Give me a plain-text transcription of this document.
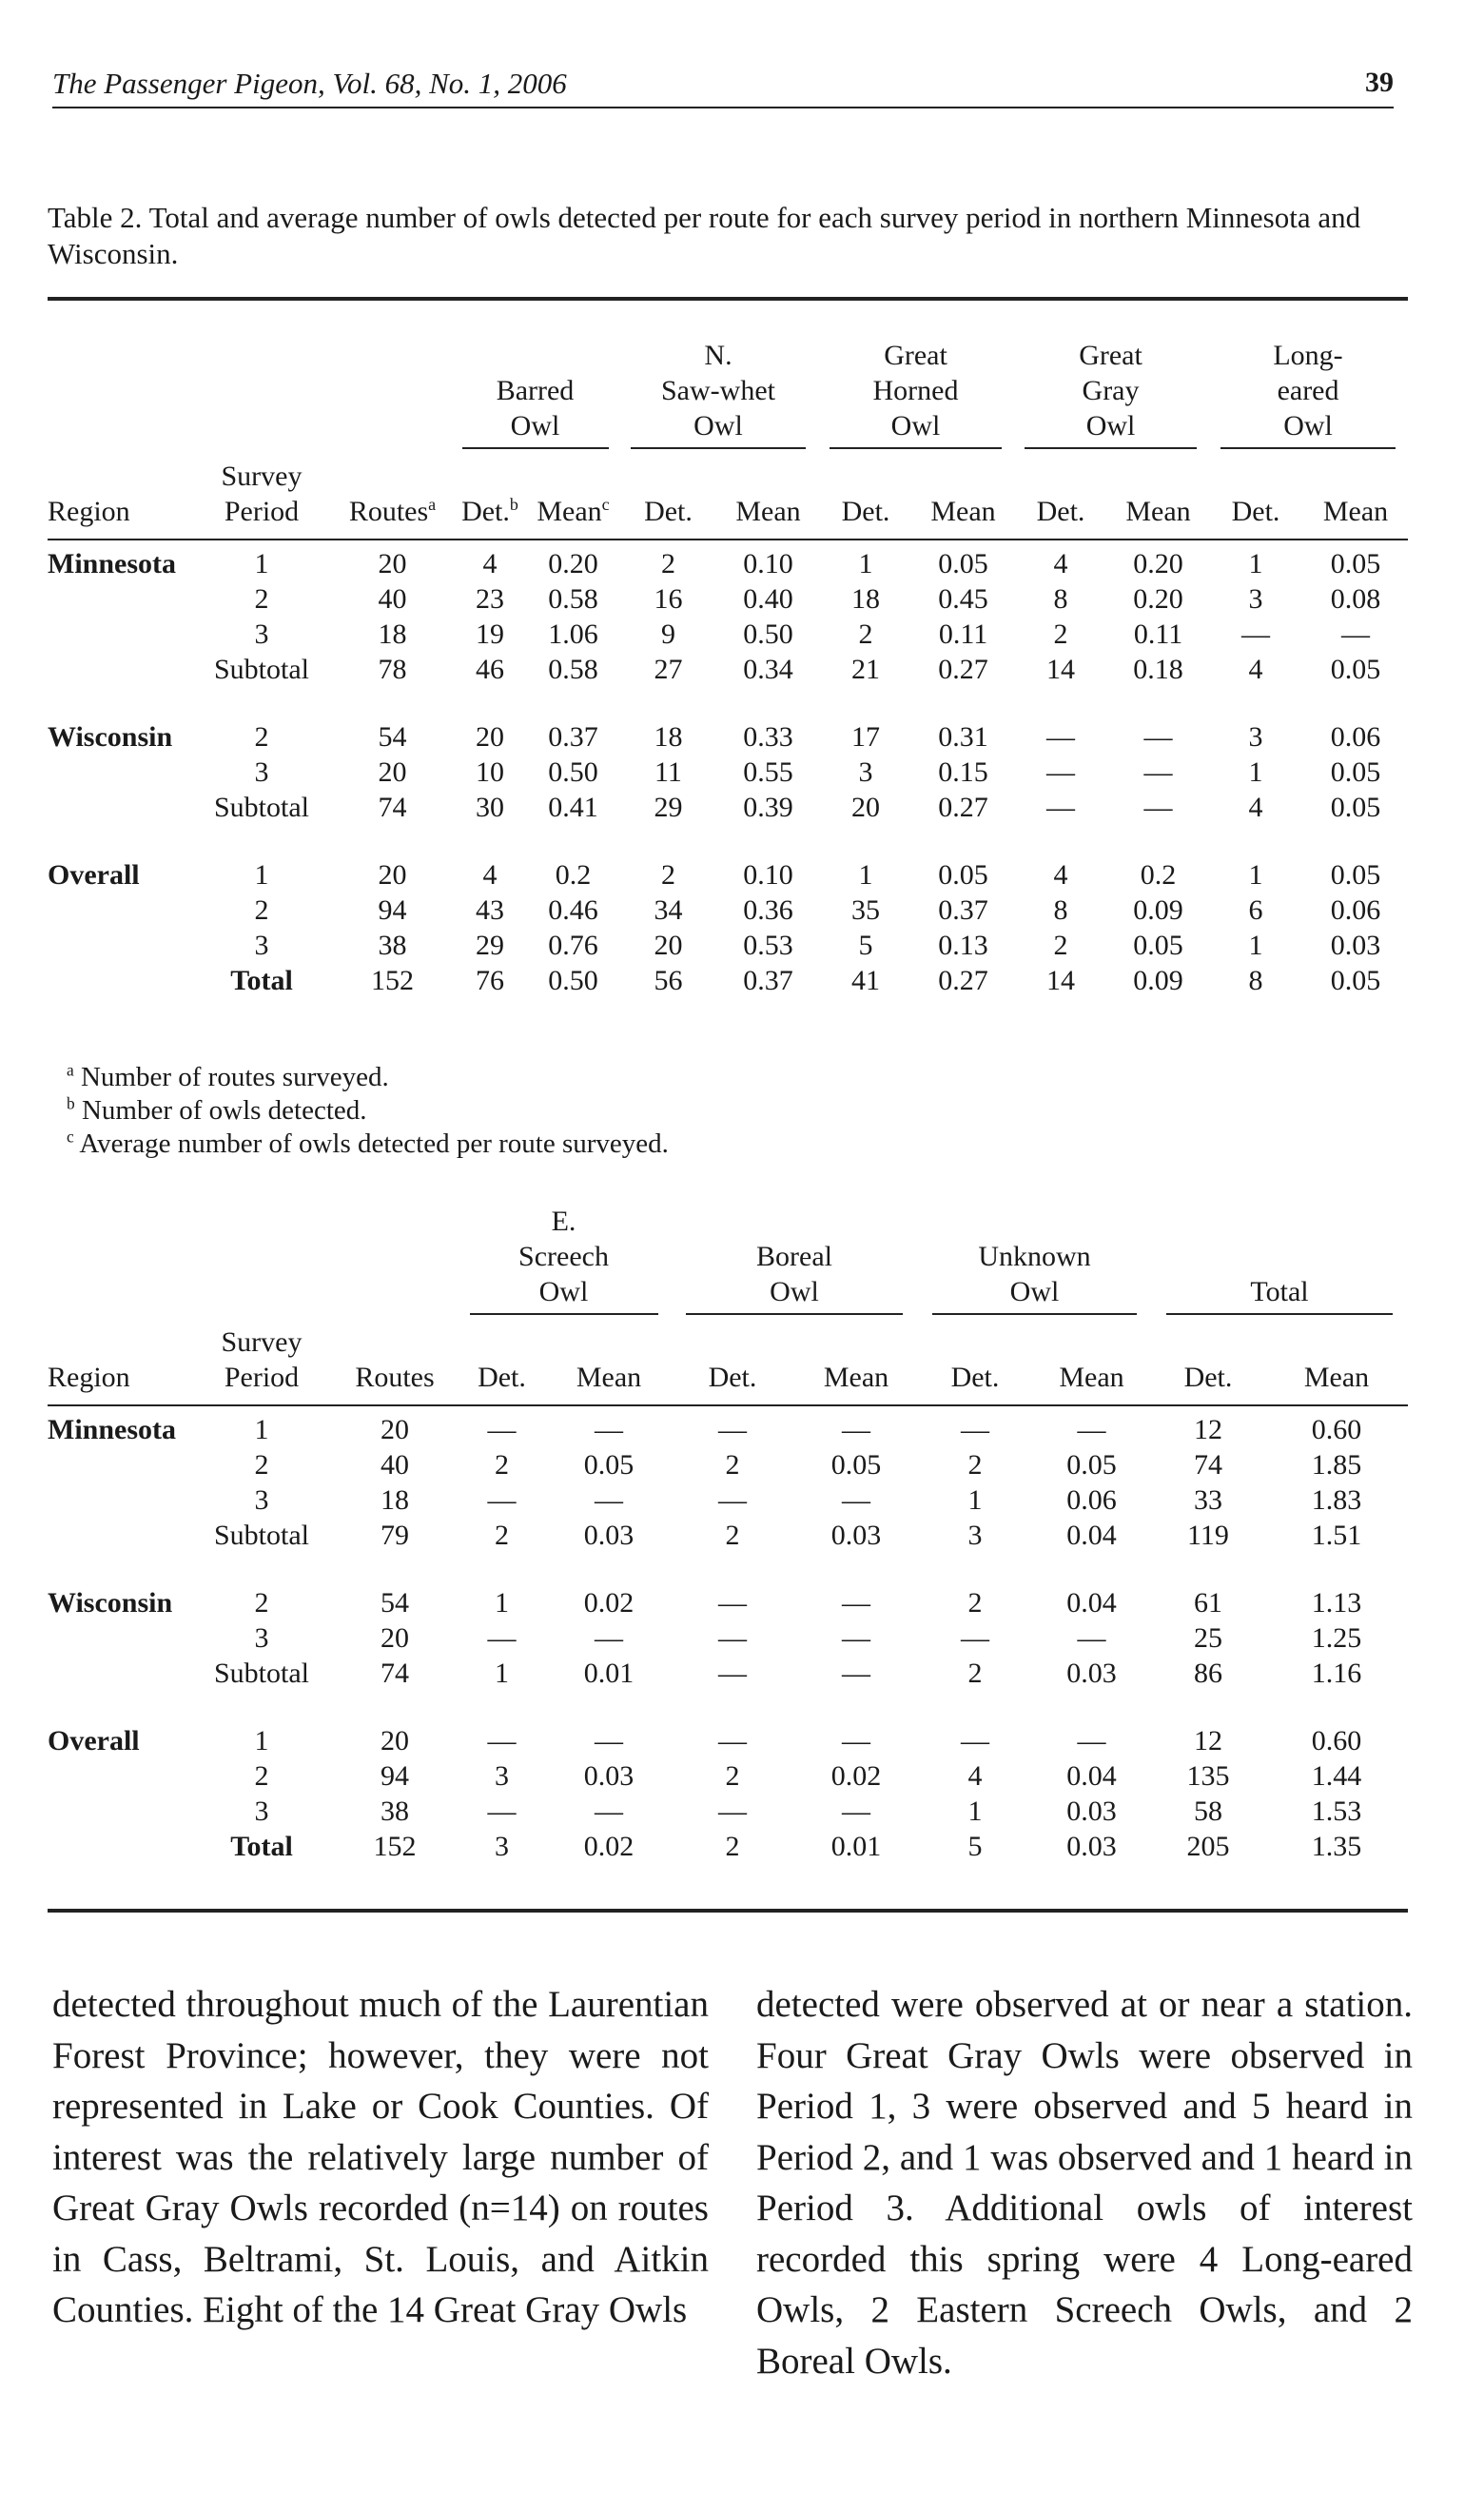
The Passenger Pigeon, Vol. 68, No. 1, 2006	39
Table 2. Total and average number of owls detected per route for each survey period in northern Minnesota and Wisconsin.

Barred
Owl		N.
Saw-whet
Owl		Great
Horned
Owl		Great
Gray
Owl		Long-
eared
Owl	
Region	Survey
Period	Routes$^a$	Det.$^b$	Mean$^c$	Det.	Mean	Det.	Mean	Det.	Mean	Det.	Mean
Minnesota	1	20	4	0.20	2	0.10	1	0.05	4	0.20	1	0.05
	2	40	23	0.58	16	0.40	18	0.45	8	0.20	3	0.08
	3	18	19	1.06	9	0.50	2	0.11	2	0.11	—	—
	Subtotal	78	46	0.58	27	0.34	21	0.27	14	0.18	4	0.05

Wisconsin	2	54	20	0.37	18	0.33	17	0.31	—	—	3	0.06
	3	20	10	0.50	11	0.55	3	0.15	—	—	1	0.05
	Subtotal	74	30	0.41	29	0.39	20	0.27	—	—	4	0.05

Overall	1	20	4	0.2	2	0.10	1	0.05	4	0.2	1	0.05
	2	94	43	0.46	34	0.36	35	0.37	8	0.09	6	0.06
	3	38	29	0.76	20	0.53	5	0.13	2	0.05	1	0.03
	Total	152	76	0.50	56	0.37	41	0.27	14	0.09	8	0.05
$^a$ Number of routes surveyed.
$^b$ Number of owls detected.
$^c$ Average number of owls detected per route surveyed.
			E.
Screech
Owl		Boreal
Owl		Unknown
Owl		Total	
Region	Survey
Period	Routes	Det.	Mean	Det.	Mean	Det.	Mean	Det.	Mean
Minnesota	1	20	—	—	—	—	—	—	12	0.60
	2	40	2	0.05	2	0.05	2	0.05	74	1.85
	3	18	—	—	—	—	1	0.06	33	1.83
	Subtotal	79	2	0.03	2	0.03	3	0.04	119	1.51

Wisconsin	2	54	1	0.02	—	—	2	0.04	61	1.13
	3	20	—	—	—	—	—	—	25	1.25
	Subtotal	74	1	0.01	—	—	2	0.03	86	1.16

Overall	1	20	—	—	—	—	—	—	12	0.60
	2	94	3	0.03	2	0.02	4	0.04	135	1.44
	3	38	—	—	—	—	1	0.03	58	1.53
	Total	152	3	0.02	2	0.01	5	0.03	205	1.35
detected throughout much of the Laurentian Forest Province; however, they were not represented in Lake or Cook Counties. Of interest was the relatively large number of Great Gray Owls recorded (n=14) on routes in Cass, Beltrami, St. Louis, and Aitkin Counties. Eight of the 14 Great Gray Owls
detected were observed at or near a station. Four Great Gray Owls were observed in Period 1, 3 were observed and 5 heard in Period 2, and 1 was observed and 1 heard in Period 3. Additional owls of interest recorded this spring were 4 Long-eared Owls, 2 Eastern Screech Owls, and 2 Boreal Owls.
